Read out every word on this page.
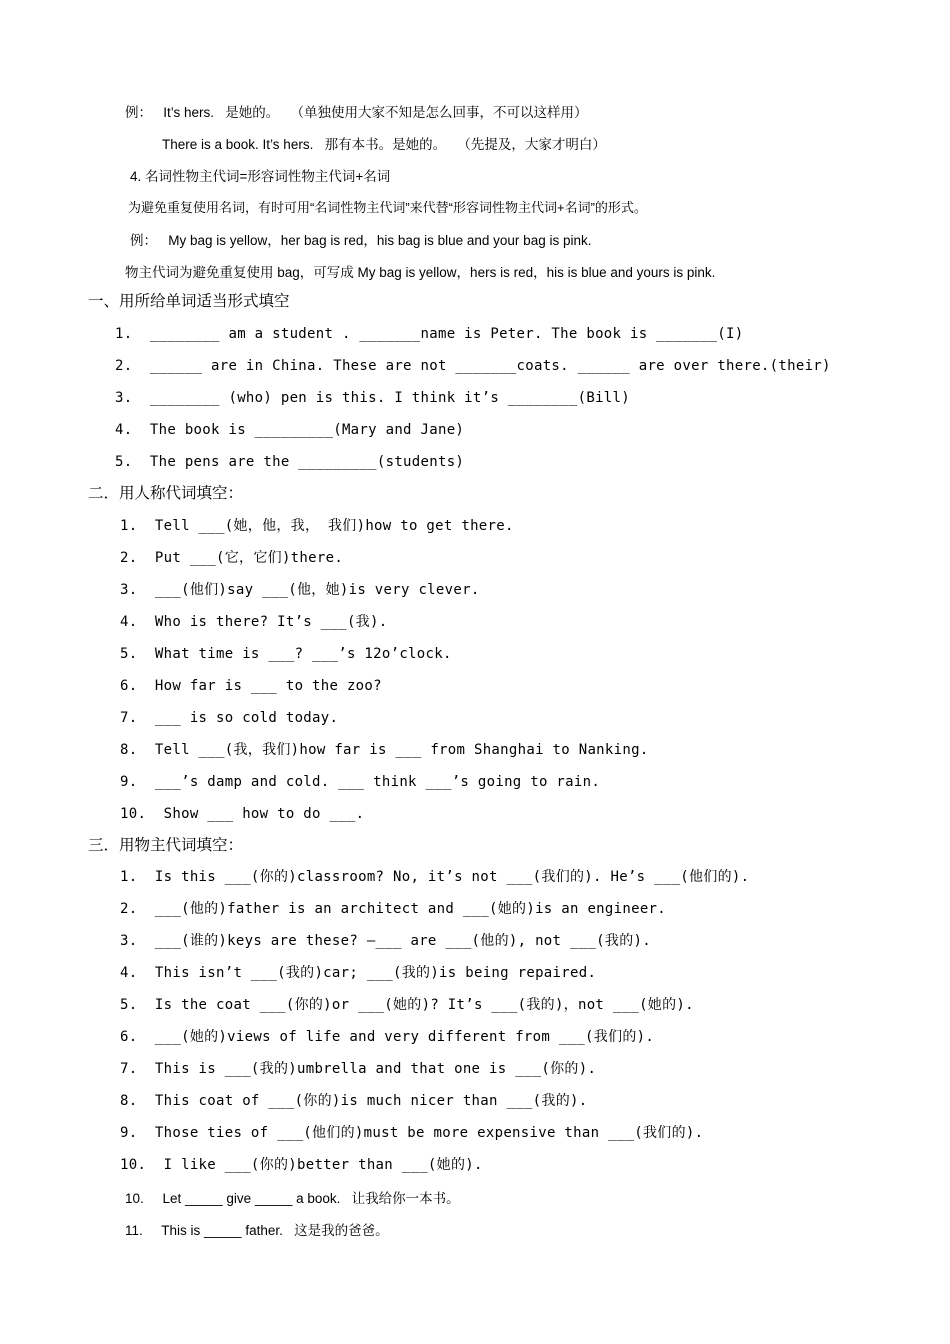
例：   It’s hers.   是她的。   （单独使用大家不知是怎么回事，不可以这样用）
There is a book. It’s hers.   那有本书。是她的。   （先提及，大家才明白）
4. 名词性物主代词=形容词性物主代词+名词
为避免重复使用名词，有时可用“名词性物主代词”来代替“形容词性物主代词+名词”的形式。
例：   My bag is yellow，her bag is red，his bag is blue and your bag is pink.
物主代词为避免重复使用 bag，可写成 My bag is yellow，hers is red，his is blue and yours is pink.
一、用所给单词适当形式填空
1.  ________ am a student . _______name is Peter. The book is _______(I)
2.  ______ are in China. These are not _______coats. ______ are over there.(their)
3.  ________ (who) pen is this. I think it’s ________(Bill)
4.  The book is _________(Mary and Jane)
5.  The pens are the _________(students)
二．用人称代词填空：
1.  Tell ___(她，他，我， 我们)how to get there.
2.  Put ___(它，它们)there.
3.  ___(他们)say ___(他，她)is very clever.
4.  Who is there? It’s ___(我).
5.  What time is ___? ___’s 12o’clock.
6.  How far is ___ to the zoo?
7.  ___ is so cold today.
8.  Tell ___(我，我们)how far is ___ from Shanghai to Nanking.
9.  ___’s damp and cold. ___ think ___’s going to rain.
10.  Show ___ how to do ___.
三．用物主代词填空：
1.  Is this ___(你的)classroom? No, it’s not ___(我们的). He’s ___(他们的).
2.  ___(他的)father is an architect and ___(她的)is an engineer.
3.  ___(谁的)keys are these? —___ are ___(他的), not ___(我的).
4.  This isn’t ___(我的)car; ___(我的)is being repaired.
5.  Is the coat ___(你的)or ___(她的)? It’s ___(我的)，not ___(她的).
6.  ___(她的)views of life and very different from ___(我们的).
7.  This is ___(我的)umbrella and that one is ___(你的).
8.  This coat of ___(你的)is much nicer than ___(我的).
9.  Those ties of ___(他们的)must be more expensive than ___(我们的).
10.  I like ___(你的)better than ___(她的).
10.     Let _____ give _____ a book.   让我给你一本书。
11.     This is _____ father.   这是我的爸爸。
